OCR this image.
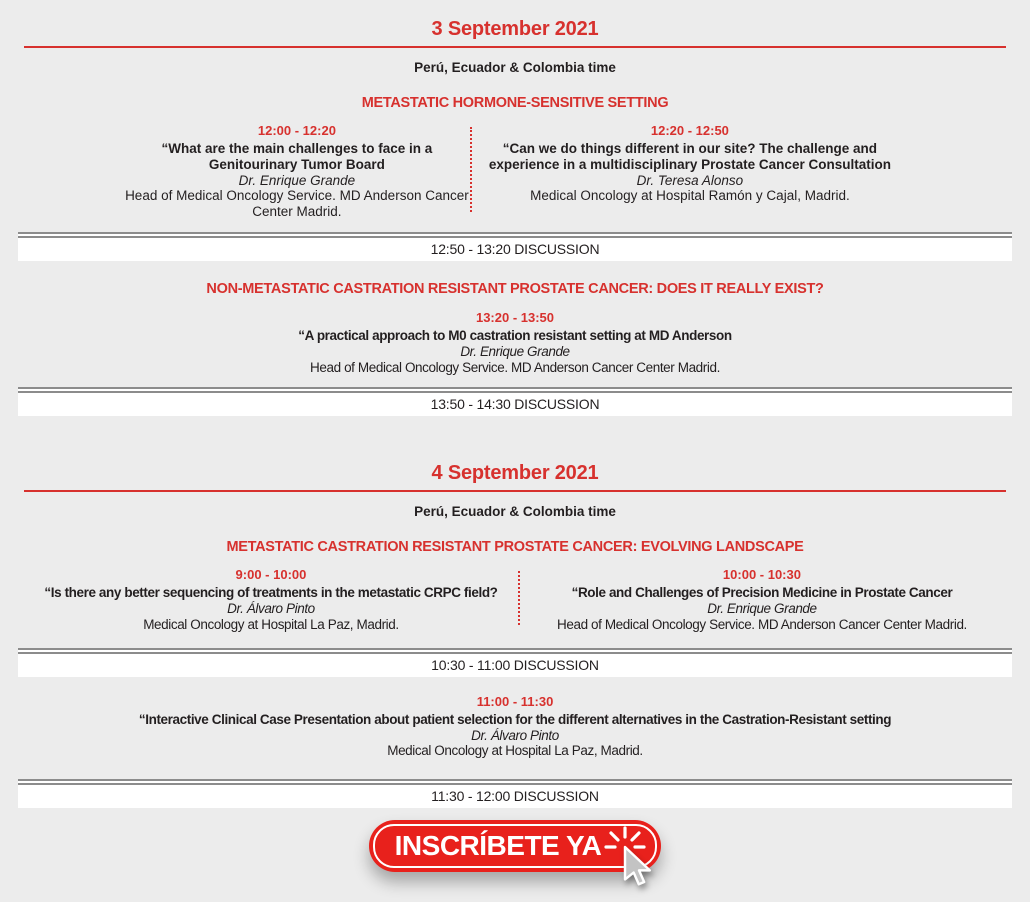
3 September 2021
Perú, Ecuador & Colombia time
METASTATIC HORMONE-SENSITIVE SETTING
12:00 - 12:20
“What are the main challenges to face in a Genitourinary Tumor Board
Dr. Enrique Grande
Head of Medical Oncology Service. MD Anderson Cancer Center Madrid.
12:20 - 12:50
“Can we do things different in our site? The challenge and experience in a multidisciplinary Prostate Cancer Consultation
Dr. Teresa Alonso
Medical Oncology at Hospital Ramón y Cajal, Madrid.
12:50 - 13:20 DISCUSSION
NON-METASTATIC CASTRATION RESISTANT PROSTATE CANCER: DOES IT REALLY EXIST?
13:20 - 13:50
“A practical approach to M0 castration resistant setting at MD Anderson
Dr. Enrique Grande
Head of Medical Oncology Service. MD Anderson Cancer Center Madrid.
13:50 - 14:30 DISCUSSION
4 September 2021
Perú, Ecuador & Colombia time
METASTATIC CASTRATION RESISTANT PROSTATE CANCER: EVOLVING LANDSCAPE
9:00 - 10:00
“Is there any better sequencing of treatments in the metastatic CRPC field?
Dr. Álvaro Pinto
Medical Oncology at Hospital La Paz, Madrid.
10:00 - 10:30
“Role and Challenges of Precision Medicine in Prostate Cancer
Dr. Enrique Grande
Head of Medical Oncology Service. MD Anderson Cancer Center Madrid.
10:30 - 11:00 DISCUSSION
11:00 - 11:30
“Interactive Clinical Case Presentation about patient selection for the different alternatives in the Castration-Resistant setting
Dr. Álvaro Pinto
Medical Oncology at Hospital La Paz, Madrid.
11:30 - 12:00 DISCUSSION
INSCRÍBETE YA
